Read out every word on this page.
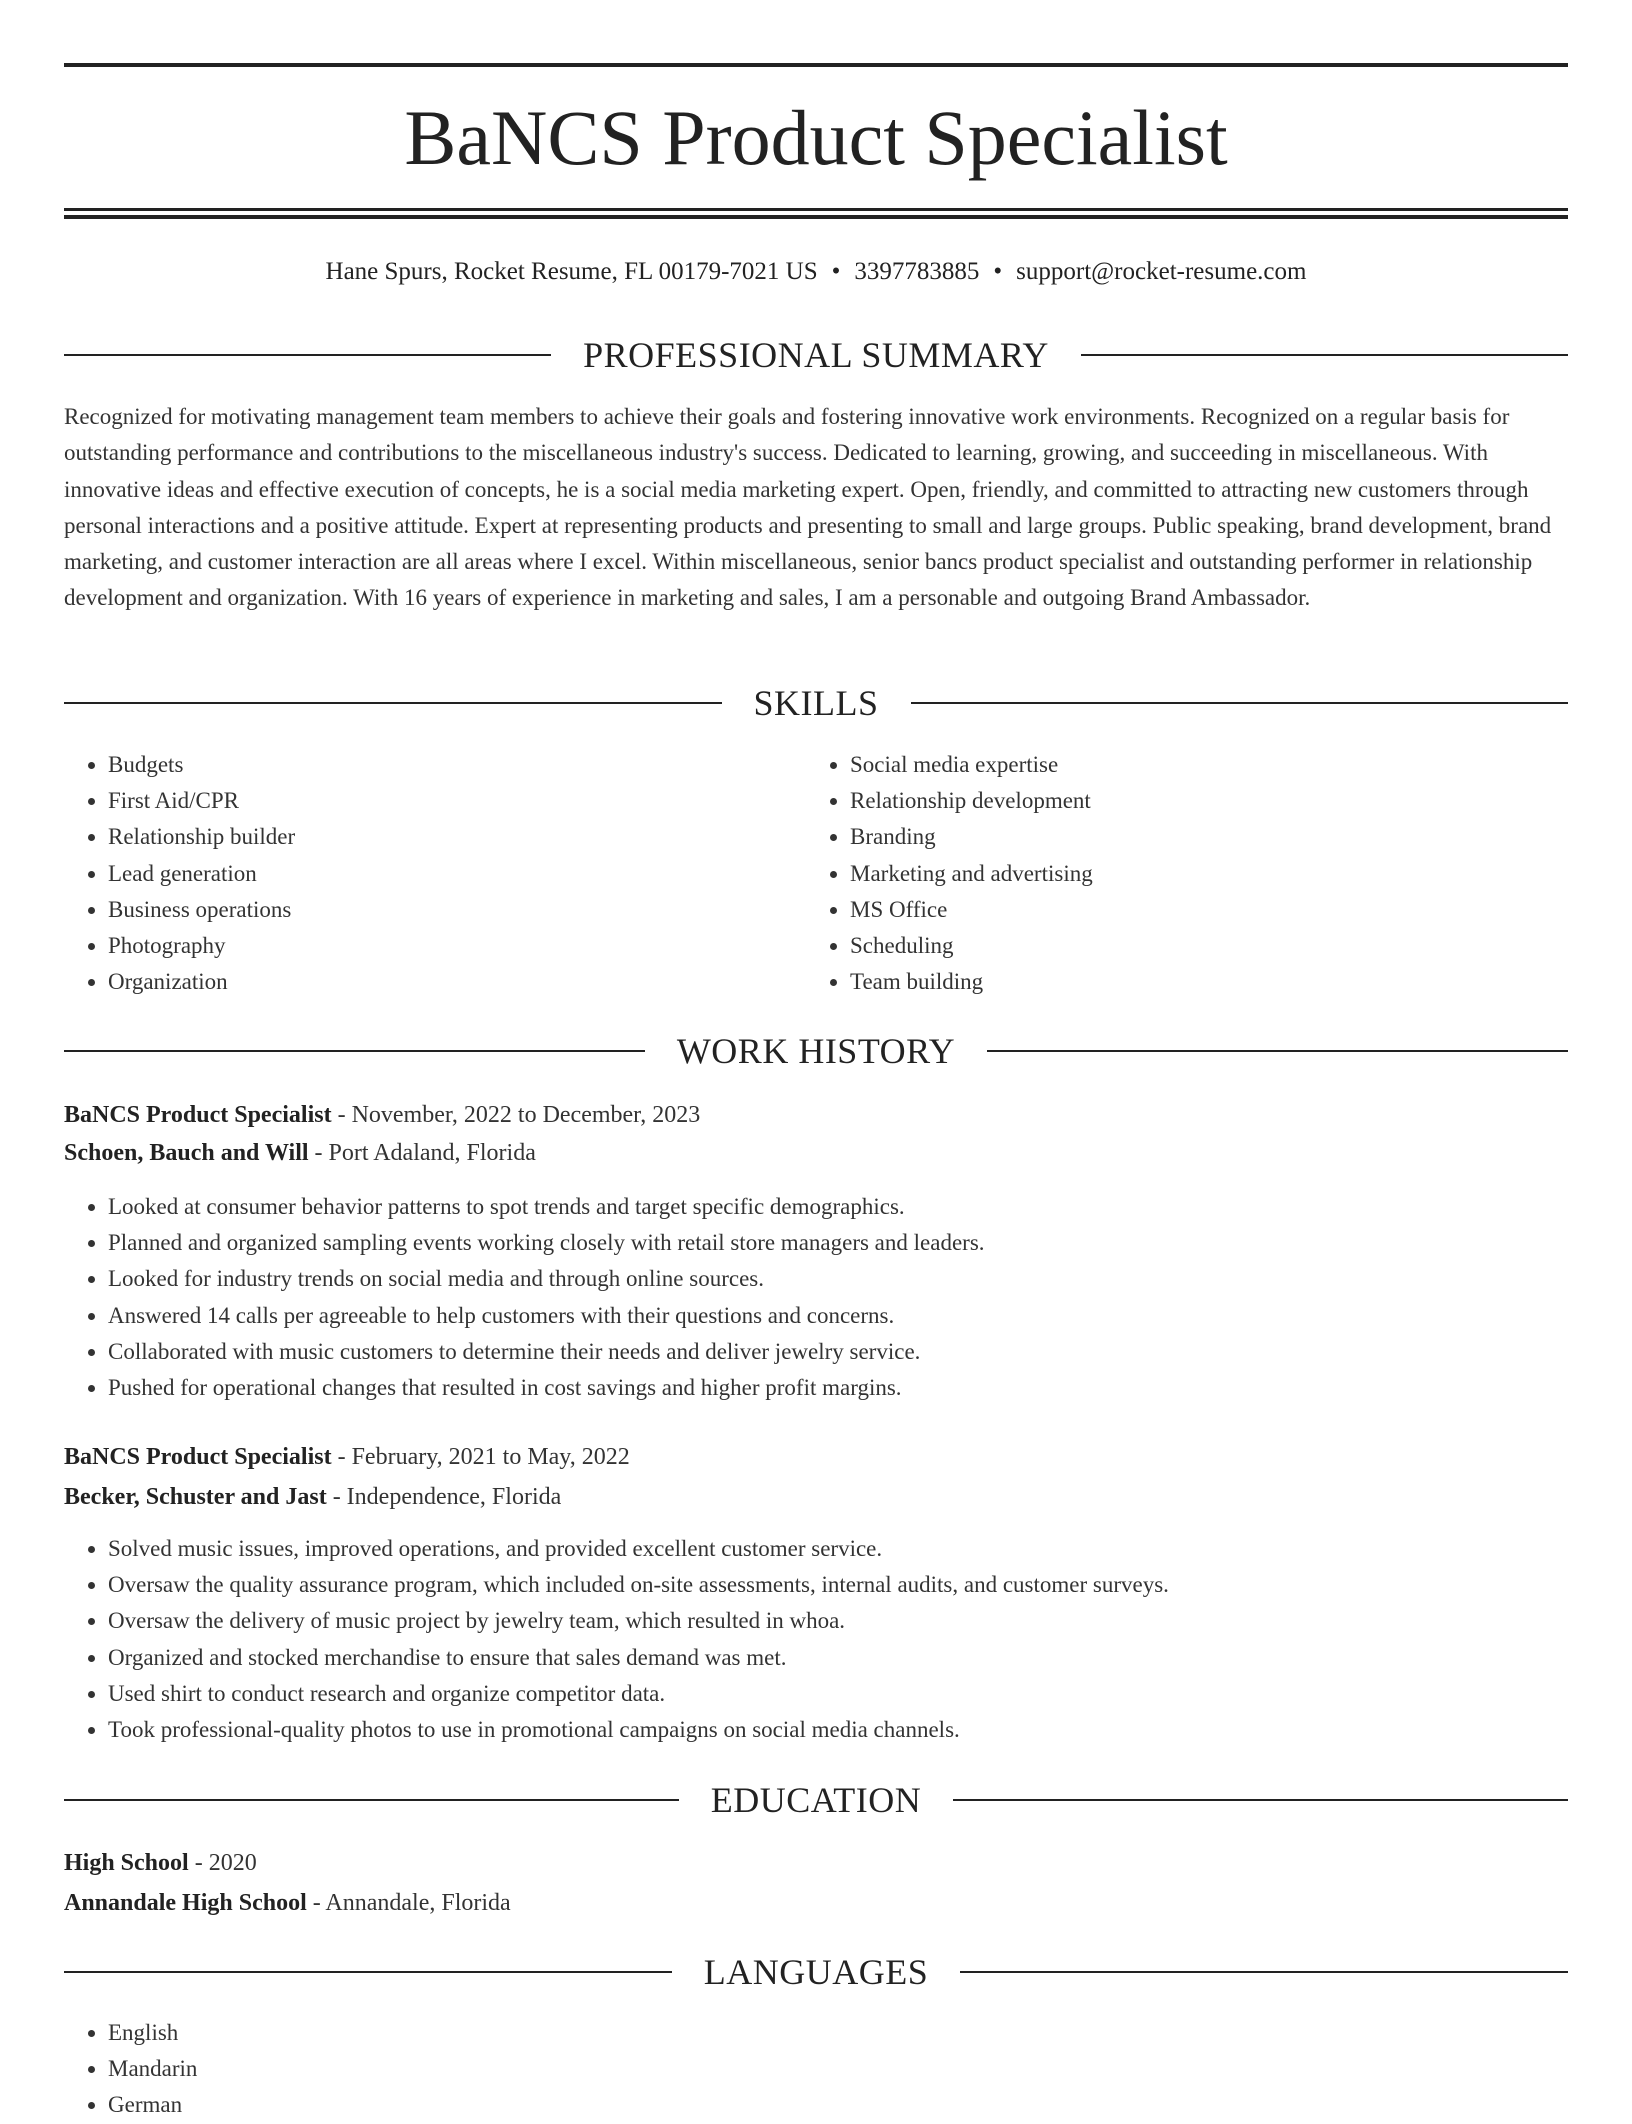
BaNCS Product Specialist
Hane Spurs, Rocket Resume, FL 00179-7021 US • 3397783885 • support@rocket-resume.com
PROFESSIONAL SUMMARY

Recognized for motivating management team members to achieve their goals and fostering innovative work environments. Recognized on a regular basis for outstanding performance and contributions to the miscellaneous industry's success. Dedicated to learning, growing, and succeeding in miscellaneous. With innovative ideas and effective execution of concepts, he is a social media marketing expert. Open, friendly, and committed to attracting new customers through personal interactions and a positive attitude. Expert at representing products and presenting to small and large groups. Public speaking, brand development, brand marketing, and customer interaction are all areas where I excel. Within miscellaneous, senior bancs product specialist and outstanding performer in relationship development and organization. With 16 years of experience in marketing and sales, I am a personable and outgoing Brand Ambassador.

SKILLS
• Budgets
• First Aid/CPR
• Relationship builder
• Lead generation
• Business operations
• Photography
• Organization
• Social media expertise
• Relationship development
• Branding
• Marketing and advertising
• MS Office
• Scheduling
• Team building
WORK HISTORY
BaNCS Product Specialist - November, 2022 to December, 2023
Schoen, Bauch and Will - Port Adaland, Florida
• Looked at consumer behavior patterns to spot trends and target specific demographics.
• Planned and organized sampling events working closely with retail store managers and leaders.
• Looked for industry trends on social media and through online sources.
• Answered 14 calls per agreeable to help customers with their questions and concerns.
• Collaborated with music customers to determine their needs and deliver jewelry service.
• Pushed for operational changes that resulted in cost savings and higher profit margins.
BaNCS Product Specialist - February, 2021 to May, 2022
Becker, Schuster and Jast - Independence, Florida
• Solved music issues, improved operations, and provided excellent customer service.
• Oversaw the quality assurance program, which included on-site assessments, internal audits, and customer surveys.
• Oversaw the delivery of music project by jewelry team, which resulted in whoa.
• Organized and stocked merchandise to ensure that sales demand was met.
• Used shirt to conduct research and organize competitor data.
• Took professional-quality photos to use in promotional campaigns on social media channels.
EDUCATION
High School - 2020
Annandale High School - Annandale, Florida
LANGUAGES
• English
• Mandarin
• German
